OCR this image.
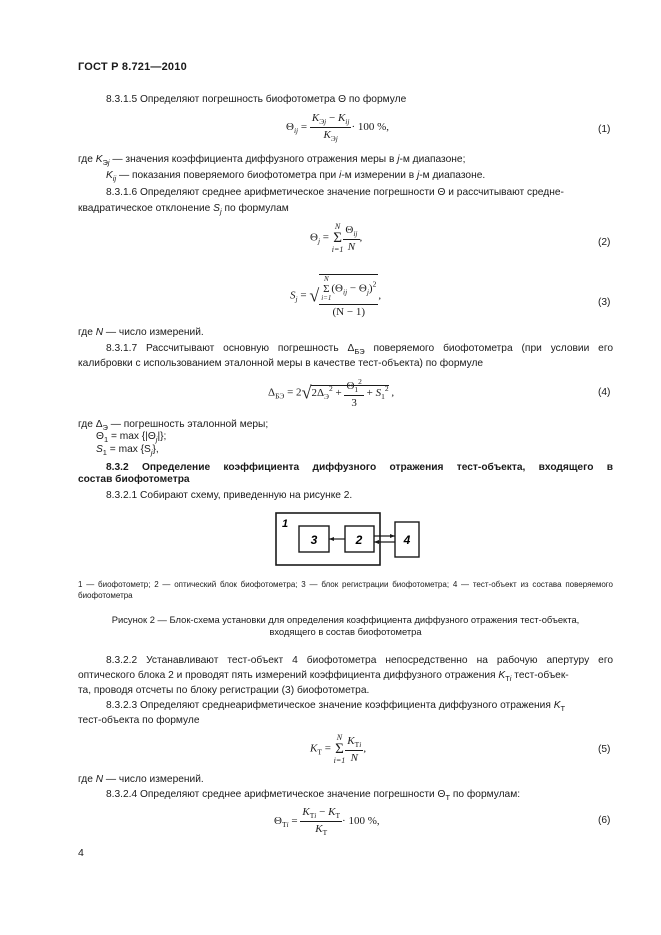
ГОСТ Р 8.721—2010
8.3.1.5 Определяют погрешность биофотометра Θ по формуле
$\Theta_{ij} = \frac{K_{Эj} - K_{ij}}{K_{Эj}} \cdot 100$ %,	(1)
где $K_{Эj}$ — значения коэффициента диффузного отражения меры в j-м диапазоне;
$K_{ij}$ — показания поверяемого биофотометра при i-м измерении в j-м диапазоне.
8.3.1.6 Определяют среднее арифметическое значение погрешности Θ и рассчитывают средне-
квадратическое отклонение $S_j$ по формулам
$\Theta_j = N$
Σ
$i=1 \frac{\Theta_{ij}}{N}$ ,	(2)
$S_j$ = √ N
Σ
$i=1(\Theta_{ij} - \Theta_j)^2$
(N − 1) ,
(3)
где N — число измерений.
8.3.1.7 Рассчитывают основную погрешность $\Delta_{БЭ}$ поверяемого биофотометра (при условии его
калибровки с использованием эталонной меры в качестве тест-объекта) по формуле
$\Delta_{БЭ} = 2√2\Delta_Э^2 + \frac{\Theta_1^2}{3} + S_1^2$ ,	(4)
где $\Delta_Э$ — погрешность эталонной меры;
$\Theta_1 = \max \{|\Theta_j|\}$;
$S_1 = \max \{S_j\}$,
8.3.2 Определение коэффициента диффузного отражения тест-объекта, входящего в
состав биофотометра
8.3.2.1 Собирают схему, приведенную на рисунке 2.
1
3	2	4
1 — биофотометр; 2 — оптический блок биофотометра; 3 — блок регистрации биофотометра; 4 — тест-объект из состава поверяемого биофотометра
Рисунок 2 — Блок-схема установки для определения коэффициента диффузного отражения тест-объекта,
входящего в состав биофотометра
8.3.2.2 Устанавливают тест-объект 4 биофотометра непосредственно на рабочую апертуру его
оптического блока 2 и проводят пять измерений коэффициента диффузного отражения $K_{Тi}$ тест-объек-
та, проводя отсчеты по блоку регистрации (3) биофотометра.
8.3.2.3 Определяют среднеарифметическое значение коэффициента диффузного отражения $K_Т$
тест-объекта по формуле
$K_Т = N$
Σ
$i=1 \frac{K_{Тi}}{N}$ ,	(5)
где N — число измерений.
8.3.2.4 Определяют среднее арифметическое значение погрешности $\Theta_Т$ по формулам:
$\Theta_{Тi} = \frac{K_{Тi} - K_Т}{K_Т} \cdot 100$ %,	(6)
4
